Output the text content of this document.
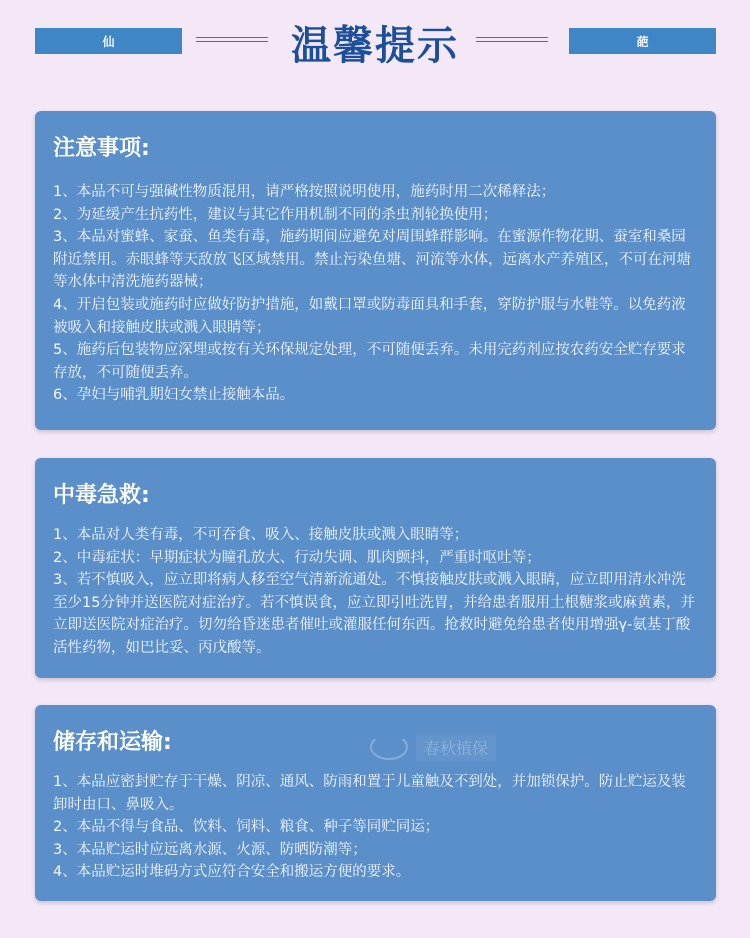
仙	温馨提示	葩
注意事项:
1、本品不可与强碱性物质混用，请严格按照说明使用，施药时用二次稀释法；
2、为延缓产生抗药性，建议与其它作用机制不同的杀虫剂轮换使用；
3、本品对蜜蜂、家蚕、鱼类有毒，施药期间应避免对周围蜂群影响。在蜜源作物花期、蚕室和桑园附近禁用。赤眼蜂等天敌放飞区域禁用。禁止污染鱼塘、河流等水体，远离水产养殖区，不可在河塘等水体中清洗施药器械；
4、开启包装或施药时应做好防护措施，如戴口罩或防毒面具和手套，穿防护服与水鞋等。以免药液被吸入和接触皮肤或溅入眼睛等；
5、施药后包装物应深埋或按有关环保规定处理，不可随便丢弃。未用完药剂应按农药安全贮存要求存放，不可随便丢弃。
6、孕妇与哺乳期妇女禁止接触本品。
中毒急救:
1、本品对人类有毒，不可吞食、吸入、接触皮肤或溅入眼睛等；
2、中毒症状：早期症状为瞳孔放大、行动失调、肌肉颤抖，严重时呕吐等；
3、若不慎吸入，应立即将病人移至空气清新流通处。不慎接触皮肤或溅入眼睛，应立即用清水冲洗至少15分钟并送医院对症治疗。若不慎误食，应立即引吐洗胃，并给患者服用土根糖浆或麻黄素，并立即送医院对症治疗。切勿给昏迷患者催吐或灌服任何东西。抢救时避免给患者使用增强γ-氨基丁酸活性药物，如巴比妥、丙戊酸等。
储存和运输:
1、本品应密封贮存于干燥、阴凉、通风、防雨和置于儿童触及不到处，并加锁保护。防止贮运及装卸时由口、鼻吸入。
2、本品不得与食品、饮料、饲料、粮食、种子等同贮同运；
3、本品贮运时应远离水源、火源、防晒防潮等；
4、本品贮运时堆码方式应符合安全和搬运方便的要求。
春秋植保
